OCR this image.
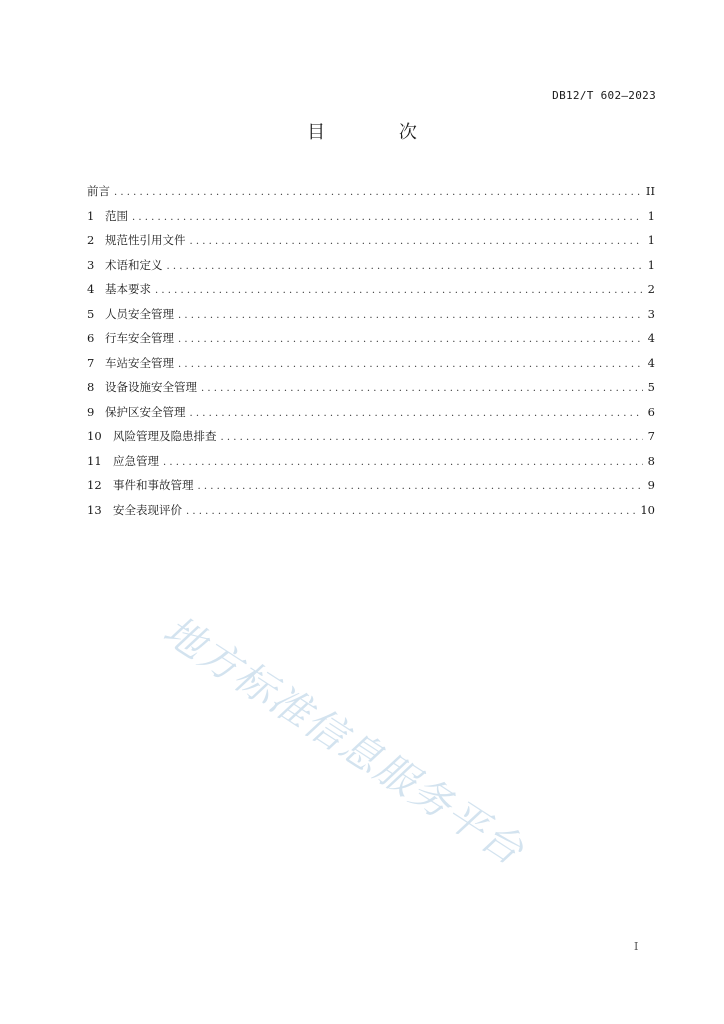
DB12/T 602—2023
目 次
前言 .....	II
1 范围 .....	1
2 规范性引用文件 .....	1
3 术语和定义 .....	1
4 基本要求 .....	2
5 人员安全管理 .....	3
6 行车安全管理 .....	4
7 车站安全管理 .....	4
8 设备设施安全管理 .....	5
9 保护区安全管理 .....	6
10 风险管理及隐患排查 .....	7
11 应急管理 .....	8
12 事件和事故管理 .....	9
13 安全表现评价 .....	10
地方标准信息服务平台
I
